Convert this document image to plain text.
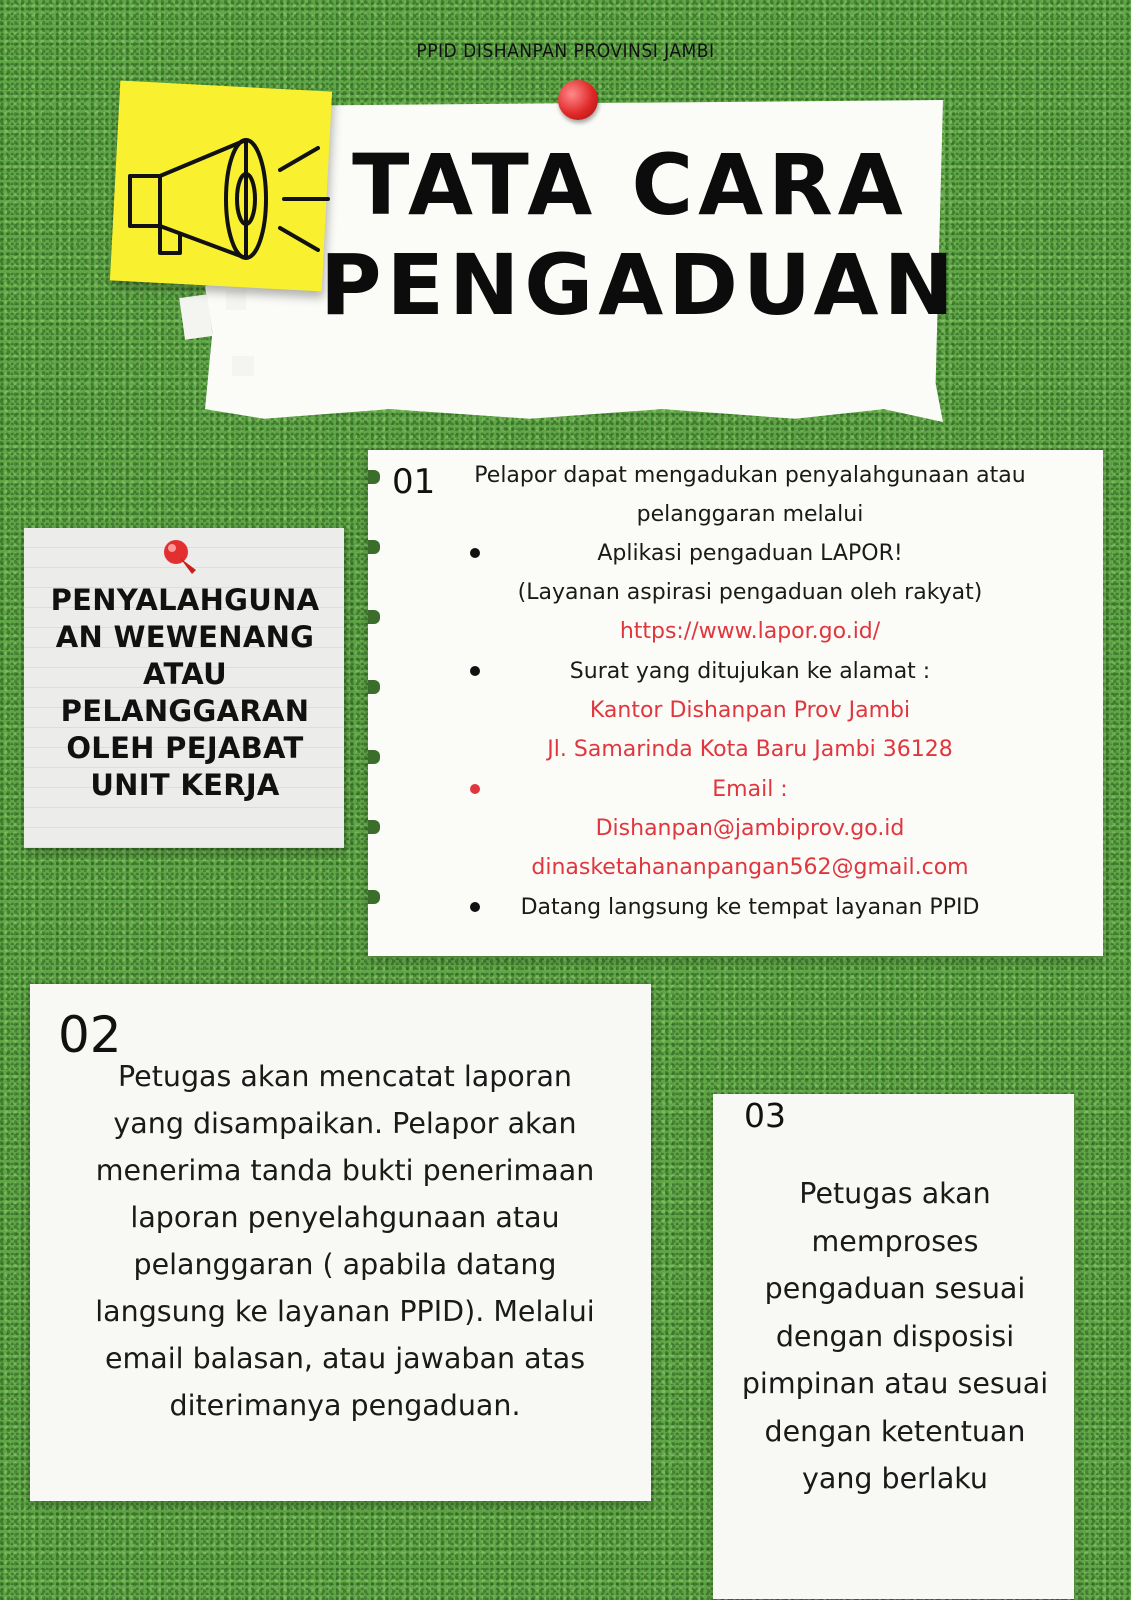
PPID DISHANPAN PROVINSI JAMBI
TATA CARA
PENGADUAN
PENYALAHGUNA
AN WEWENANG
ATAU
PELANGGARAN
OLEH PEJABAT
UNIT KERJA
01	Pelapor dapat mengadukan penyalahgunaan atau
pelanggaran melalui
Aplikasi pengaduan LAPOR!
(Layanan aspirasi pengaduan oleh rakyat)
https://www.lapor.go.id/
Surat yang ditujukan ke alamat :
Kantor Dishanpan Prov Jambi
Jl. Samarinda Kota Baru Jambi 36128
Email :
Dishanpan@jambiprov.go.id
dinasketahananpangan562@gmail.com
Datang langsung ke tempat layanan PPID
02
Petugas akan mencatat laporan
yang disampaikan. Pelapor akan
menerima tanda bukti penerimaan
laporan penyelahgunaan atau
pelanggaran ( apabila datang
langsung ke layanan PPID). Melalui
email balasan, atau jawaban atas
diterimanya pengaduan.
03
Petugas akan
memproses
pengaduan sesuai
dengan disposisi
pimpinan atau sesuai
dengan ketentuan
yang berlaku
